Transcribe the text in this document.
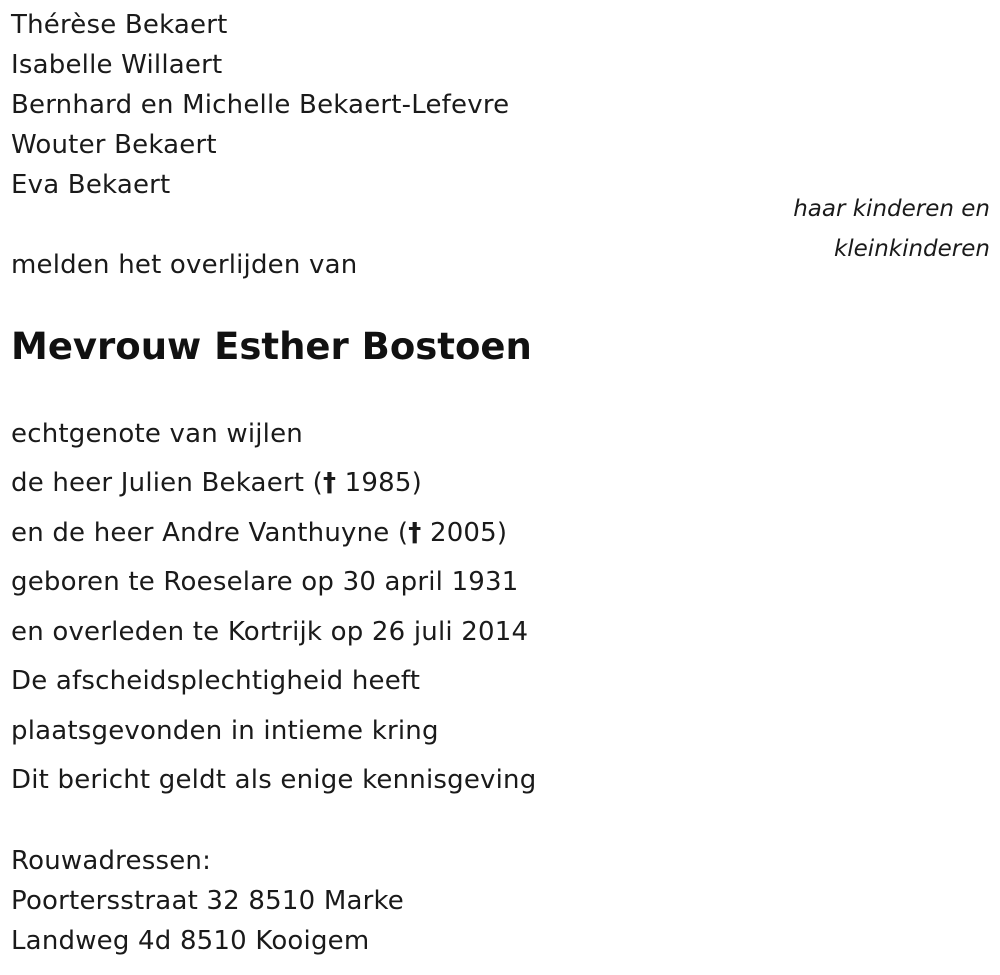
Thérèse Bekaert
Isabelle Willaert
Bernhard en Michelle Bekaert-Lefevre
Wouter Bekaert
Eva Bekaert
haar kinderen en
kleinkinderen
melden het overlijden van
Mevrouw Esther Bostoen
echtgenote van wijlen
de heer Julien Bekaert († 1985)
en de heer Andre Vanthuyne († 2005)
geboren te Roeselare op 30 april 1931
en overleden te Kortrijk op 26 juli 2014
De afscheidsplechtigheid heeft
plaatsgevonden in intieme kring
Dit bericht geldt als enige kennisgeving
Rouwadressen:
Poortersstraat 32 8510 Marke
Landweg 4d 8510 Kooigem
